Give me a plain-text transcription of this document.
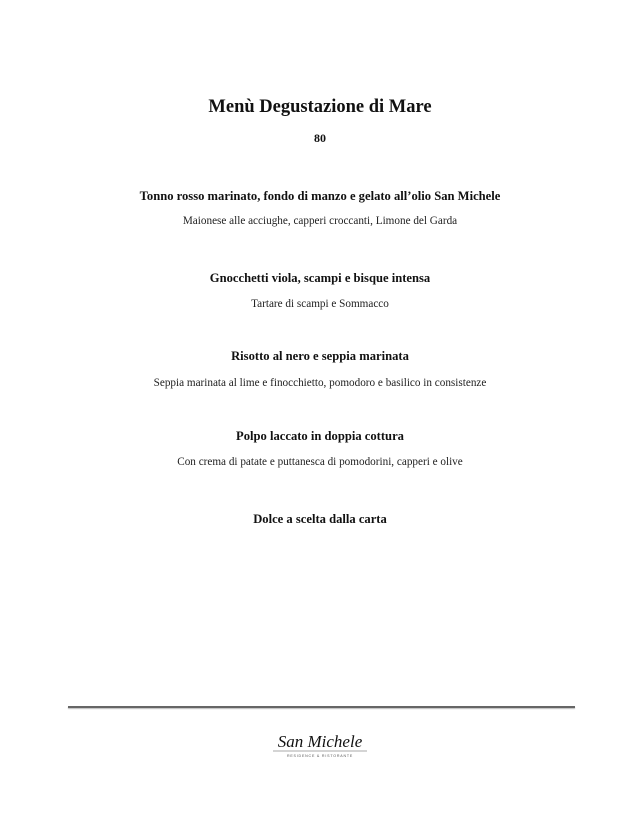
Menù Degustazione di Mare
80
Tonno rosso marinato, fondo di manzo e gelato all’olio San Michele
Maionese alle acciughe, capperi croccanti, Limone del Garda
Gnocchetti viola, scampi e bisque intensa
Tartare di scampi e Sommacco
Risotto al nero e seppia marinata
Seppia marinata al lime e finocchietto, pomodoro e basilico in consistenze
Polpo laccato in doppia cottura
Con crema di patate e puttanesca di pomodorini, capperi e olive
Dolce a scelta dalla carta
San Michele
RESIDENCE & RISTORANTE
